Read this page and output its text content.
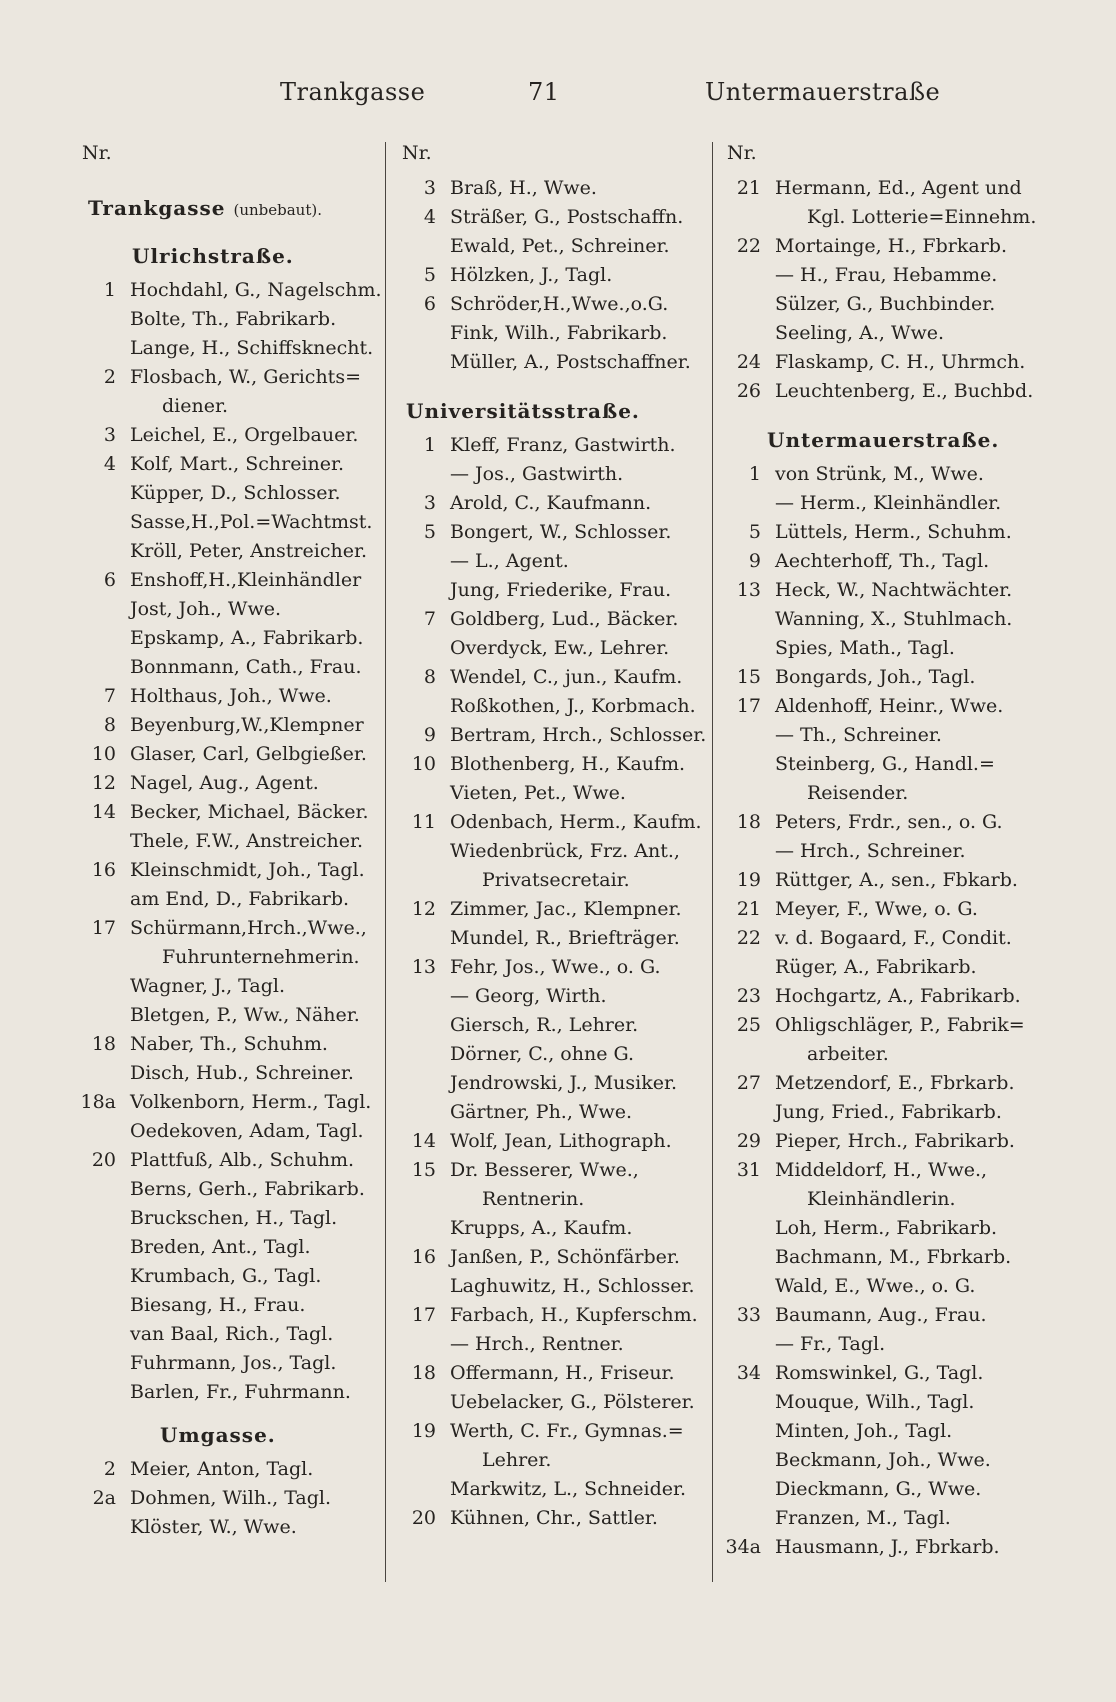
Trankgasse	71	Untermauerstraße
Nr.
Trankgasse (unbebaut).
Ulrichstraße.
1 Hochdahl, G., Nagelschm.
Bolte, Th., Fabrikarb.
Lange, H., Schiffsknecht.
2 Flosbach, W., Gerichts=
diener.
3 Leichel, E., Orgelbauer.
4 Kolf, Mart., Schreiner.
Küpper, D., Schlosser.
Sasse,H.,Pol.=Wachtmst.
Kröll, Peter, Anstreicher.
6 Enshoff,H.,Kleinhändler
Jost, Joh., Wwe.
Epskamp, A., Fabrikarb.
Bonnmann, Cath., Frau.
7 Holthaus, Joh., Wwe.
8 Beyenburg,W.,Klempner
10 Glaser, Carl, Gelbgießer.
12 Nagel, Aug., Agent.
14 Becker, Michael, Bäcker.
Thele, F.W., Anstreicher.
16 Kleinschmidt, Joh., Tagl.
am End, D., Fabrikarb.
17 Schürmann,Hrch.,Wwe.,
Fuhrunternehmerin.
Wagner, J., Tagl.
Bletgen, P., Ww., Näher.
18 Naber, Th., Schuhm.
Disch, Hub., Schreiner.
18a Volkenborn, Herm., Tagl.
Oedekoven, Adam, Tagl.
20 Plattfuß, Alb., Schuhm.
Berns, Gerh., Fabrikarb.
Bruckschen, H., Tagl.
Breden, Ant., Tagl.
Krumbach, G., Tagl.
Biesang, H., Frau.
van Baal, Rich., Tagl.
Fuhrmann, Jos., Tagl.
Barlen, Fr., Fuhrmann.
Umgasse.
2 Meier, Anton, Tagl.
2a Dohmen, Wilh., Tagl.
Klöster, W., Wwe.
Nr.
3 Braß, H., Wwe.
4 Sträßer, G., Postschaffn.
Ewald, Pet., Schreiner.
5 Hölzken, J., Tagl.
6 Schröder,H.,Wwe.,o.G.
Fink, Wilh., Fabrikarb.
Müller, A., Postschaffner.
Universitätsstraße.
1 Kleff, Franz, Gastwirth.
— Jos., Gastwirth.
3 Arold, C., Kaufmann.
5 Bongert, W., Schlosser.
— L., Agent.
Jung, Friederike, Frau.
7 Goldberg, Lud., Bäcker.
Overdyck, Ew., Lehrer.
8 Wendel, C., jun., Kaufm.
Roßkothen, J., Korbmach.
9 Bertram, Hrch., Schlosser.
10 Blothenberg, H., Kaufm.
Vieten, Pet., Wwe.
11 Odenbach, Herm., Kaufm.
Wiedenbrück, Frz. Ant.,
Privatsecretair.
12 Zimmer, Jac., Klempner.
Mundel, R., Briefträger.
13 Fehr, Jos., Wwe., o. G.
— Georg, Wirth.
Giersch, R., Lehrer.
Dörner, C., ohne G.
Jendrowski, J., Musiker.
Gärtner, Ph., Wwe.
14 Wolf, Jean, Lithograph.
15 Dr. Besserer, Wwe.,
Rentnerin.
Krupps, A., Kaufm.
16 Janßen, P., Schönfärber.
Laghuwitz, H., Schlosser.
17 Farbach, H., Kupferschm.
— Hrch., Rentner.
18 Offermann, H., Friseur.
Uebelacker, G., Pölsterer.
19 Werth, C. Fr., Gymnas.=
Lehrer.
Markwitz, L., Schneider.
20 Kühnen, Chr., Sattler.
Nr.
21 Hermann, Ed., Agent und
Kgl. Lotterie=Einnehm.
22 Mortainge, H., Fbrkarb.
— H., Frau, Hebamme.
Sülzer, G., Buchbinder.
Seeling, A., Wwe.
24 Flaskamp, C. H., Uhrmch.
26 Leuchtenberg, E., Buchbd.
Untermauerstraße.
1 von Strünk, M., Wwe.
— Herm., Kleinhändler.
5 Lüttels, Herm., Schuhm.
9 Aechterhoff, Th., Tagl.
13 Heck, W., Nachtwächter.
Wanning, X., Stuhlmach.
Spies, Math., Tagl.
15 Bongards, Joh., Tagl.
17 Aldenhoff, Heinr., Wwe.
— Th., Schreiner.
Steinberg, G., Handl.=
Reisender.
18 Peters, Frdr., sen., o. G.
— Hrch., Schreiner.
19 Rüttger, A., sen., Fbkarb.
21 Meyer, F., Wwe, o. G.
22 v. d. Bogaard, F., Condit.
Rüger, A., Fabrikarb.
23 Hochgartz, A., Fabrikarb.
25 Ohligschläger, P., Fabrik=
arbeiter.
27 Metzendorf, E., Fbrkarb.
Jung, Fried., Fabrikarb.
29 Pieper, Hrch., Fabrikarb.
31 Middeldorf, H., Wwe.,
Kleinhändlerin.
Loh, Herm., Fabrikarb.
Bachmann, M., Fbrkarb.
Wald, E., Wwe., o. G.
33 Baumann, Aug., Frau.
— Fr., Tagl.
34 Romswinkel, G., Tagl.
Mouque, Wilh., Tagl.
Minten, Joh., Tagl.
Beckmann, Joh., Wwe.
Dieckmann, G., Wwe.
Franzen, M., Tagl.
34a Hausmann, J., Fbrkarb.
